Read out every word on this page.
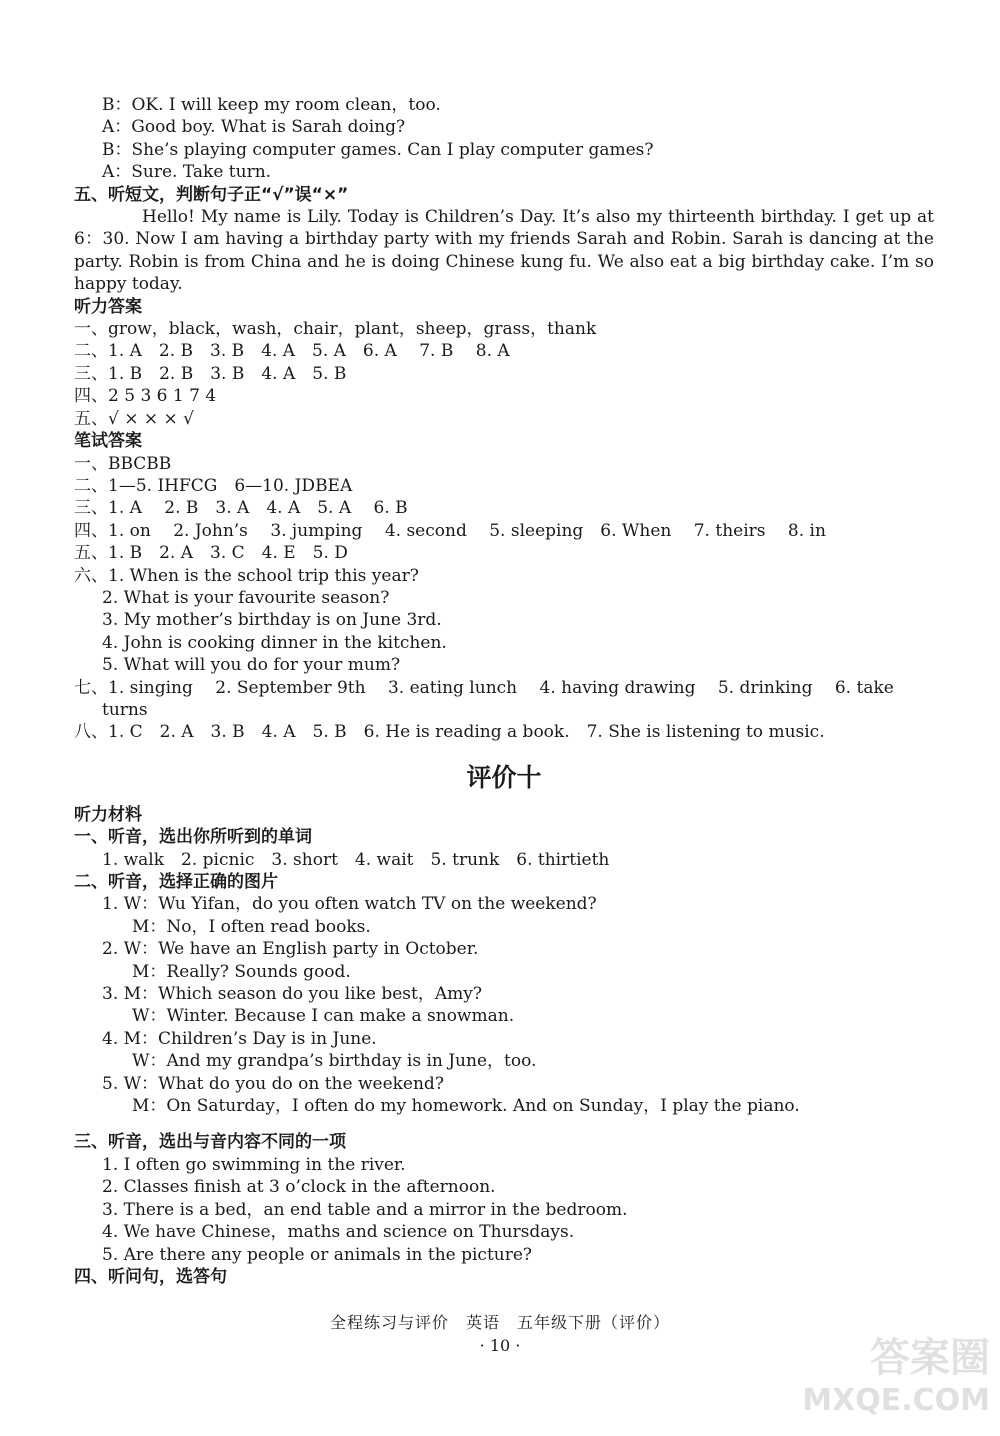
B：OK. I will keep my room clean，too.
A：Good boy. What is Sarah doing?
B：She’s playing computer games. Can I play computer games?
A：Sure. Take turn.
五、听短文，判断句子正“√”误“×”
Hello! My name is Lily. Today is Children’s Day. It’s also my thirteenth birthday. I get up at 6：30. Now I am having a birthday party with my friends Sarah and Robin. Sarah is dancing at the party. Robin is from China and he is doing Chinese kung fu. We also eat a big birthday cake. I’m so happy today.
听力答案
一、grow，black，wash，chair，plant，sheep，grass，thank
二、1. A　2. B　3. B　4. A　5. A　6. A　 7. B　 8. A
三、1. B　2. B　3. B　4. A　5. B
四、2 5 3 6 1 7 4
五、√ × × × √
笔试答案
一、BBCBB
二、1—5. IHFCG　6—10. JDBEA
三、1. A　 2. B　3. A　4. A　5. A　 6. B
四、1. on　 2. John’s　 3. jumping　 4. second　 5. sleeping　6. When　 7. theirs　 8. in
五、1. B　2. A　3. C　4. E　5. D
六、1. When is the school trip this year?
2. What is your favourite season?
3. My mother’s birthday is on June 3rd.
4. John is cooking dinner in the kitchen.
5. What will you do for your mum?
七、1. singing　 2. September 9th　 3. eating lunch　 4. having drawing　 5. drinking　 6. take
turns
八、1. C　2. A　3. B　4. A　5. B　6. He is reading a book.　7. She is listening to music.
评价十
听力材料
一、听音，选出你所听到的单词
1. walk　2. picnic　3. short　4. wait　5. trunk　6. thirtieth
二、听音，选择正确的图片
1. W：Wu Yifan，do you often watch TV on the weekend?
M：No，I often read books.
2. W：We have an English party in October.
M：Really? Sounds good.
3. M：Which season do you like best，Amy?
W：Winter. Because I can make a snowman.
4. M：Children’s Day is in June.
W：And my grandpa’s birthday is in June，too.
5. W：What do you do on the weekend?
M：On Saturday，I often do my homework. And on Sunday，I play the piano.
三、听音，选出与音内容不同的一项
1. I often go swimming in the river.
2. Classes finish at 3 o’clock in the afternoon.
3. There is a bed，an end table and a mirror in the bedroom.
4. We have Chinese，maths and science on Thursdays.
5. Are there any people or animals in the picture?
四、听问句，选答句
全程练习与评价　英语　五年级下册（评价）
· 10 ·	答案圈
MXQE.COM
